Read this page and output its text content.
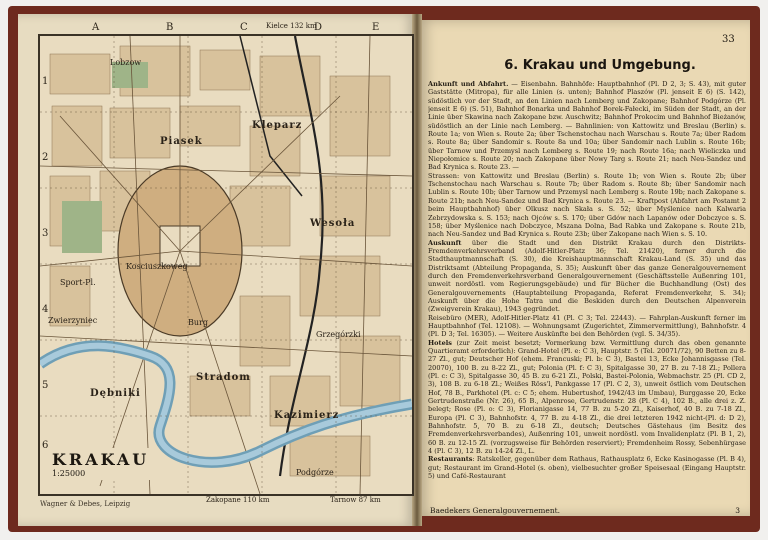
A	B	C	D	E
1
2
3
4
5
6
Kleparz
Wesoła
Piasek
Stradom
Burg
Kazimierz
Dębniki
Podgórze
Sport-Pl.
Kosciuszkoweg
Lobzow
Zwierzyniec
Grzegórzki
Kielce 132 km
Zakopane 110 km	Tarnow 87 km
KRAKAU
1:25000
Wagner & Debes, Leipzig
33
6. Krakau und Umgebung.

Ankunft und Abfahrt. — Eisenbahn. Bahnhöfe: Hauptbahnhof (Pl. D 2, 3; S. 43), mit guter Gaststätte (Mitropa), für alle Linien (s. unten); Bahnhof Plaszów (Pl. jenseit E 6) (S. 142), südöstlich vor der Stadt, an den Linien nach Lemberg und Zakopane; Bahnhof Podgórze (Pl. jenseit E 6) (S. 51), Bahnhof Bonarka und Bahnhof Borek-Fałecki, im Süden der Stadt, an der Linie über Skawina nach Zakopane bzw. Auschwitz; Bahnhof Prokocim und Bahnhof Bieżanów, südöstlich an der Linie nach Lemberg. — Bahnlinien: von Kattowitz und Breslau (Berlin) s. Route 1a; von Wien s. Route 2a; über Tschenstochau nach Warschau s. Route 7a; über Radom s. Route 8a; über Sandomir s. Route 8a und 10a; über Sandomir nach Lublin s. Route 16b; über Tarnow und Przemysl nach Lemberg s. Route 19; nach Route 16a; nach Wieliczka und Niepołomice s. Route 20; nach Zakopane über Nowy Targ s. Route 21; nach Neu-Sandez und Bad Krynica s. Route 23. —

Strassen: von Kattowitz und Breslau (Berlin) s. Route 1b; von Wien s. Route 2b; über Tschenstochau nach Warschau s. Route 7b; über Radom s. Route 8b; über Sandomir nach Lublin s. Route 10b; über Tarnow und Przemysl nach Lemberg s. Route 19b; nach Zakopane s. Route 21b; nach Neu-Sandez und Bad Krynica s. Route 23. — Kraftpost (Abfahrt am Postamt 2 beim Hauptbahnhof) über Olkusz nach Skała s. S. 52; über Myślenice nach Kalwaria Zebrzydowska s. S. 153; nach Ojców s. S. 170; über Gdów nach Lapanów oder Dobczyce s. S. 158; über Myślenice nach Dobczyce, Mszana Dolna, Bad Rabka und Zakopane s. Route 21b, nach Neu-Sandez und Bad Krynica s. Route 23b; über Zakopane nach Wien s. S. 10.

Auskunft über die Stadt und den Distrikt Krakau durch den Distrikts-Fremdenverkehrsverband (Adolf-Hitler-Platz 36; Tel. 21420), ferner durch die Stadthauptmannschaft (S. 30), die Kreishauptmannschaft Krakau-Land (S. 35) und das Distriktsamt (Abteilung Propaganda, S. 35); Auskunft über das ganze Generalgouvernement durch den Fremdenverkehrsverband Generalgouvernement (Geschäftsstelle Außenring 101, unweit nordöstl. vom Regierungsgebäude) und für Bücher die Buchhandlung (Ost) des Generalgouvernements (Hauptabteilung Propaganda, Referat Fremdenverkehr, S. 34); Auskunft über die Hohe Tatra und die Beskiden durch den Deutschen Alpenverein (Zweigverein Krakau), 1943 gegründet.

Reisebüro (MER), Adolf-Hitler-Platz 41 (Pl. C 3; Tel. 22443). — Fahrplan-Auskunft ferner im Hauptbahnhof (Tel. 12108). — Wohnungsamt (Zugerichtet, Zimmervermittlung), Bahnhofstr. 4 (Pl. D 3; Tel. 16305). — Weitere Auskünfte bei den Behörden (vgl. S. 34/35).

Hotels (zur Zeit meist besetzt; Vormerkung bzw. Vermittlung durch das oben genannte Quartieramt erforderlich): Grand-Hotel (Pl. e: C 3), Hauptstr. 5 (Tel. 20071/72), 90 Betten zu 8-27 Zl., gut; Deutscher Hof (ehem. Francuski; Pl. b: C 3), Bastei 13, Ecke Johannisgasse (Tel. 20070), 100 B. zu 8-22 Zl., gut; Polonia (Pl. f: C 3), Spitalgasse 30, 27 B. zu 7-18 Zl.; Pollera (Pl. c: C 3), Spitalgasse 30, 45 B. zu 6-21 Zl., Polski, Bastei-Polonia, Webmachstr. 25 (Pl. CD 2, 3), 108 B. zu 6-18 Zl.; Weißes Röss'l, Pankgasse 17 (Pl. C 2, 3), unweit östlich vom Deutschen Hof, 78 B., Parkhotel (Pl. c: C 5; ehem. Hubertushof, 1942/43 im Umbau), Burggasse 20, Ecke Gertrudenstraße (Nr. 26), 65 B., Alpenrose, Gertrudenstr. 28 (Pl. C 4), 102 B., alle drei z. Z. belegt; Rose (Pl. o: C 3), Florianigasse 14, 77 B. zu 5-20 Zl., Kaiserhof, 40 B. zu 7-18 Zl., Europa (Pl. C 3), Bahnhofstr. 4, 77 B. zu 4-18 Zl., die drei letzteren 1942 nicht-(Pl. d: D 2), Bahnhofstr. 5, 70 B. zu 6-18 Zl., deutsch; Deutsches Gästehaus (im Besitz des Fremdenverkehrsverbandes), Außenring 101, unweit nordöstl. vom Invalidenplatz (Pl. B 1, 2), 60 B. zu 12-15 Zl. (vorzugsweise für Behörden reserviert); Fremdenheim Rossy, Sebenhürgase 4 (Pl. C 3), 12 B. zu 14-24 Zl., L.

Restaurants: Ratskeller, gegenüber dem Rathaus, Rathausplatz 6, Ecke Kasinogasse (Pl. B 4), gut; Restaurant im Grand-Hotel (s. oben), vielbesuchter großer Speisesaal (Eingang Hauptstr. 5) und Café-Restaurant

Baedekers Generalgouvernement.	3
